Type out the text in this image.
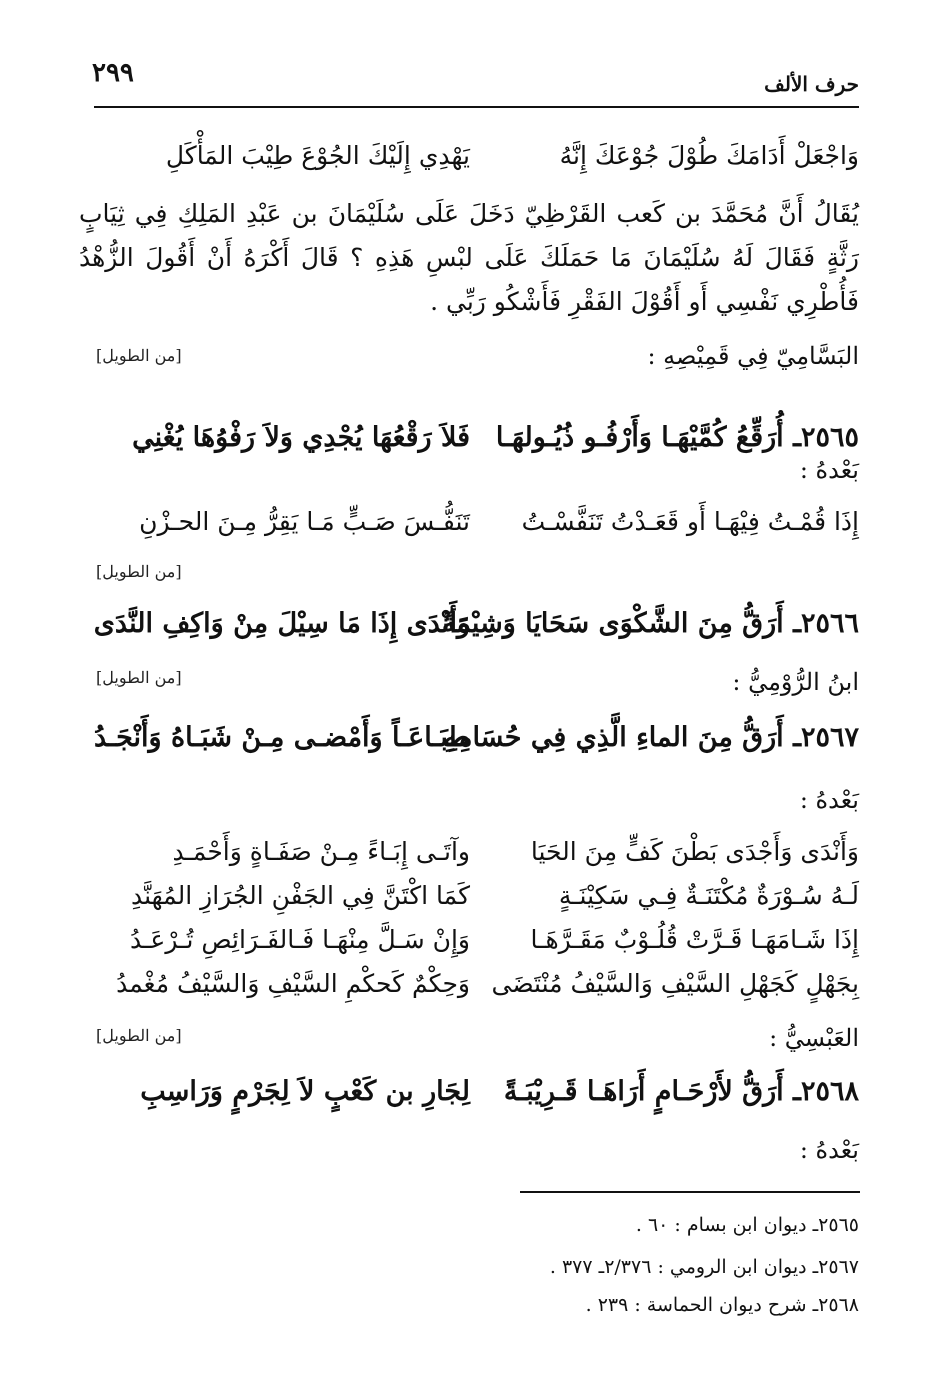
حرف الألف
٢٩٩
وَاجْعَلْ أَدَامَكَ طُوْلَ جُوْعَكَ إِنَّهُ
يَهْدِي إِلَيْكَ الجُوْعَ طِيْبَ المَأْكَلِ
يُقَالُ أَنَّ مُحَمَّدَ بن كَعب القَرْظِيّ دَخَلَ عَلَى سُلَيْمَانَ بن عَبْدِ المَلِكِ فِي ثِيَابٍ رَثَّةٍ فَقَالَ لَهُ سُلَيْمَانَ مَا حَمَلَكَ عَلَى لبْسِ هَذِهِ ؟ قَالَ أَكْرَهُ أَنْ أَقُولَ الزُّهْدُ فَأُطْرِي نَفْسِي أَو أَقُوْلَ الفَقْرِ فَأَشْكُو رَبِّي .
البَسَّامِيّ فِي قَمِيْصِهِ :
[من الطويل]
٢٥٦٥ـ أُرَقِّعُ كُمَّيْهَـا وَأَرْفُـو ذُيُـولهَـا
فَلاَ رَقْعُهَا يُجْدِي وَلاَ رَفْوُهَا يُغْنِي
بَعْدهُ :
إِذَا قُمْـتُ فِيْهَـا أَو قَعَـدْتُ تَنَفَّسْـتُ
تَنَفُّـسَ صَـبٍّ مَـا يَقِرُّ مِـنَ الحـزْنِ
[من الطويل]
٢٥٦٦ـ أَرَقُّ مِنَ الشَّكْوَى سَحَايَا وَشِيْمَةً
وَأَنْدَى إِذَا مَا سِيْلَ مِنْ وَاكِفِ النَّدَى
ابنُ الرُّوْمِيُّ :
[من الطويل]
٢٥٦٧ـ أَرَقُّ مِنَ الماءِ الَّذِي فِي حُسَامِهِ
طِبَـاعَـاً وَأَمْضـى مِـنْ شَبَـاهُ وَأَنْجَـدُ
بَعْدهُ :
وَأَنْدَى وَأَجْدَى بَطْنَ كَفٍّ مِنَ الحَيَا
وآتَـى إِبَـاءً مِـنْ صَفَـاةٍ وَأَحْمَـدِ
لَـهُ سُـوْرَةٌ مُكْتَنَـةٌ فِـي سَكِيْنَـةٍ
كَمَا اكْتَنَّ فِي الجَفْنِ الجُرَازِ المُهَنَّدِ
إِذَا شَـامَهَـا قَـرَّتْ قُلُـوْبٌ مَقَـرَّهَـا
وَإِنْ سَـلَّ مِنْهَـا فَـالفَـرَائِصِ تُـرْعَـدُ
بِجَهْلٍ كَجَهْلِ السَّيْفِ وَالسَّيْفُ مُنْتَضَى
وَحِكْمٌ كَحكْمِ السَّيْفِ وَالسَّيْفُ مُغْمدُ
العَبْسِيُّ :
[من الطويل]
٢٥٦٨ـ أَرَقُّ لأَرْحَـامٍ أَرَاهَـا قَـرِيْبَـةً
لِجَارِ بن كَعْبٍ لاَ لِجَرْمٍ وَرَاسِبِ
بَعْدهُ :
٢٥٦٥ـ ديوان ابن بسام : ٦٠ .
٢٥٦٧ـ ديوان ابن الرومي : ٢/٣٧٦ـ ٣٧٧ .
٢٥٦٨ـ شرح ديوان الحماسة : ٢٣٩ .
